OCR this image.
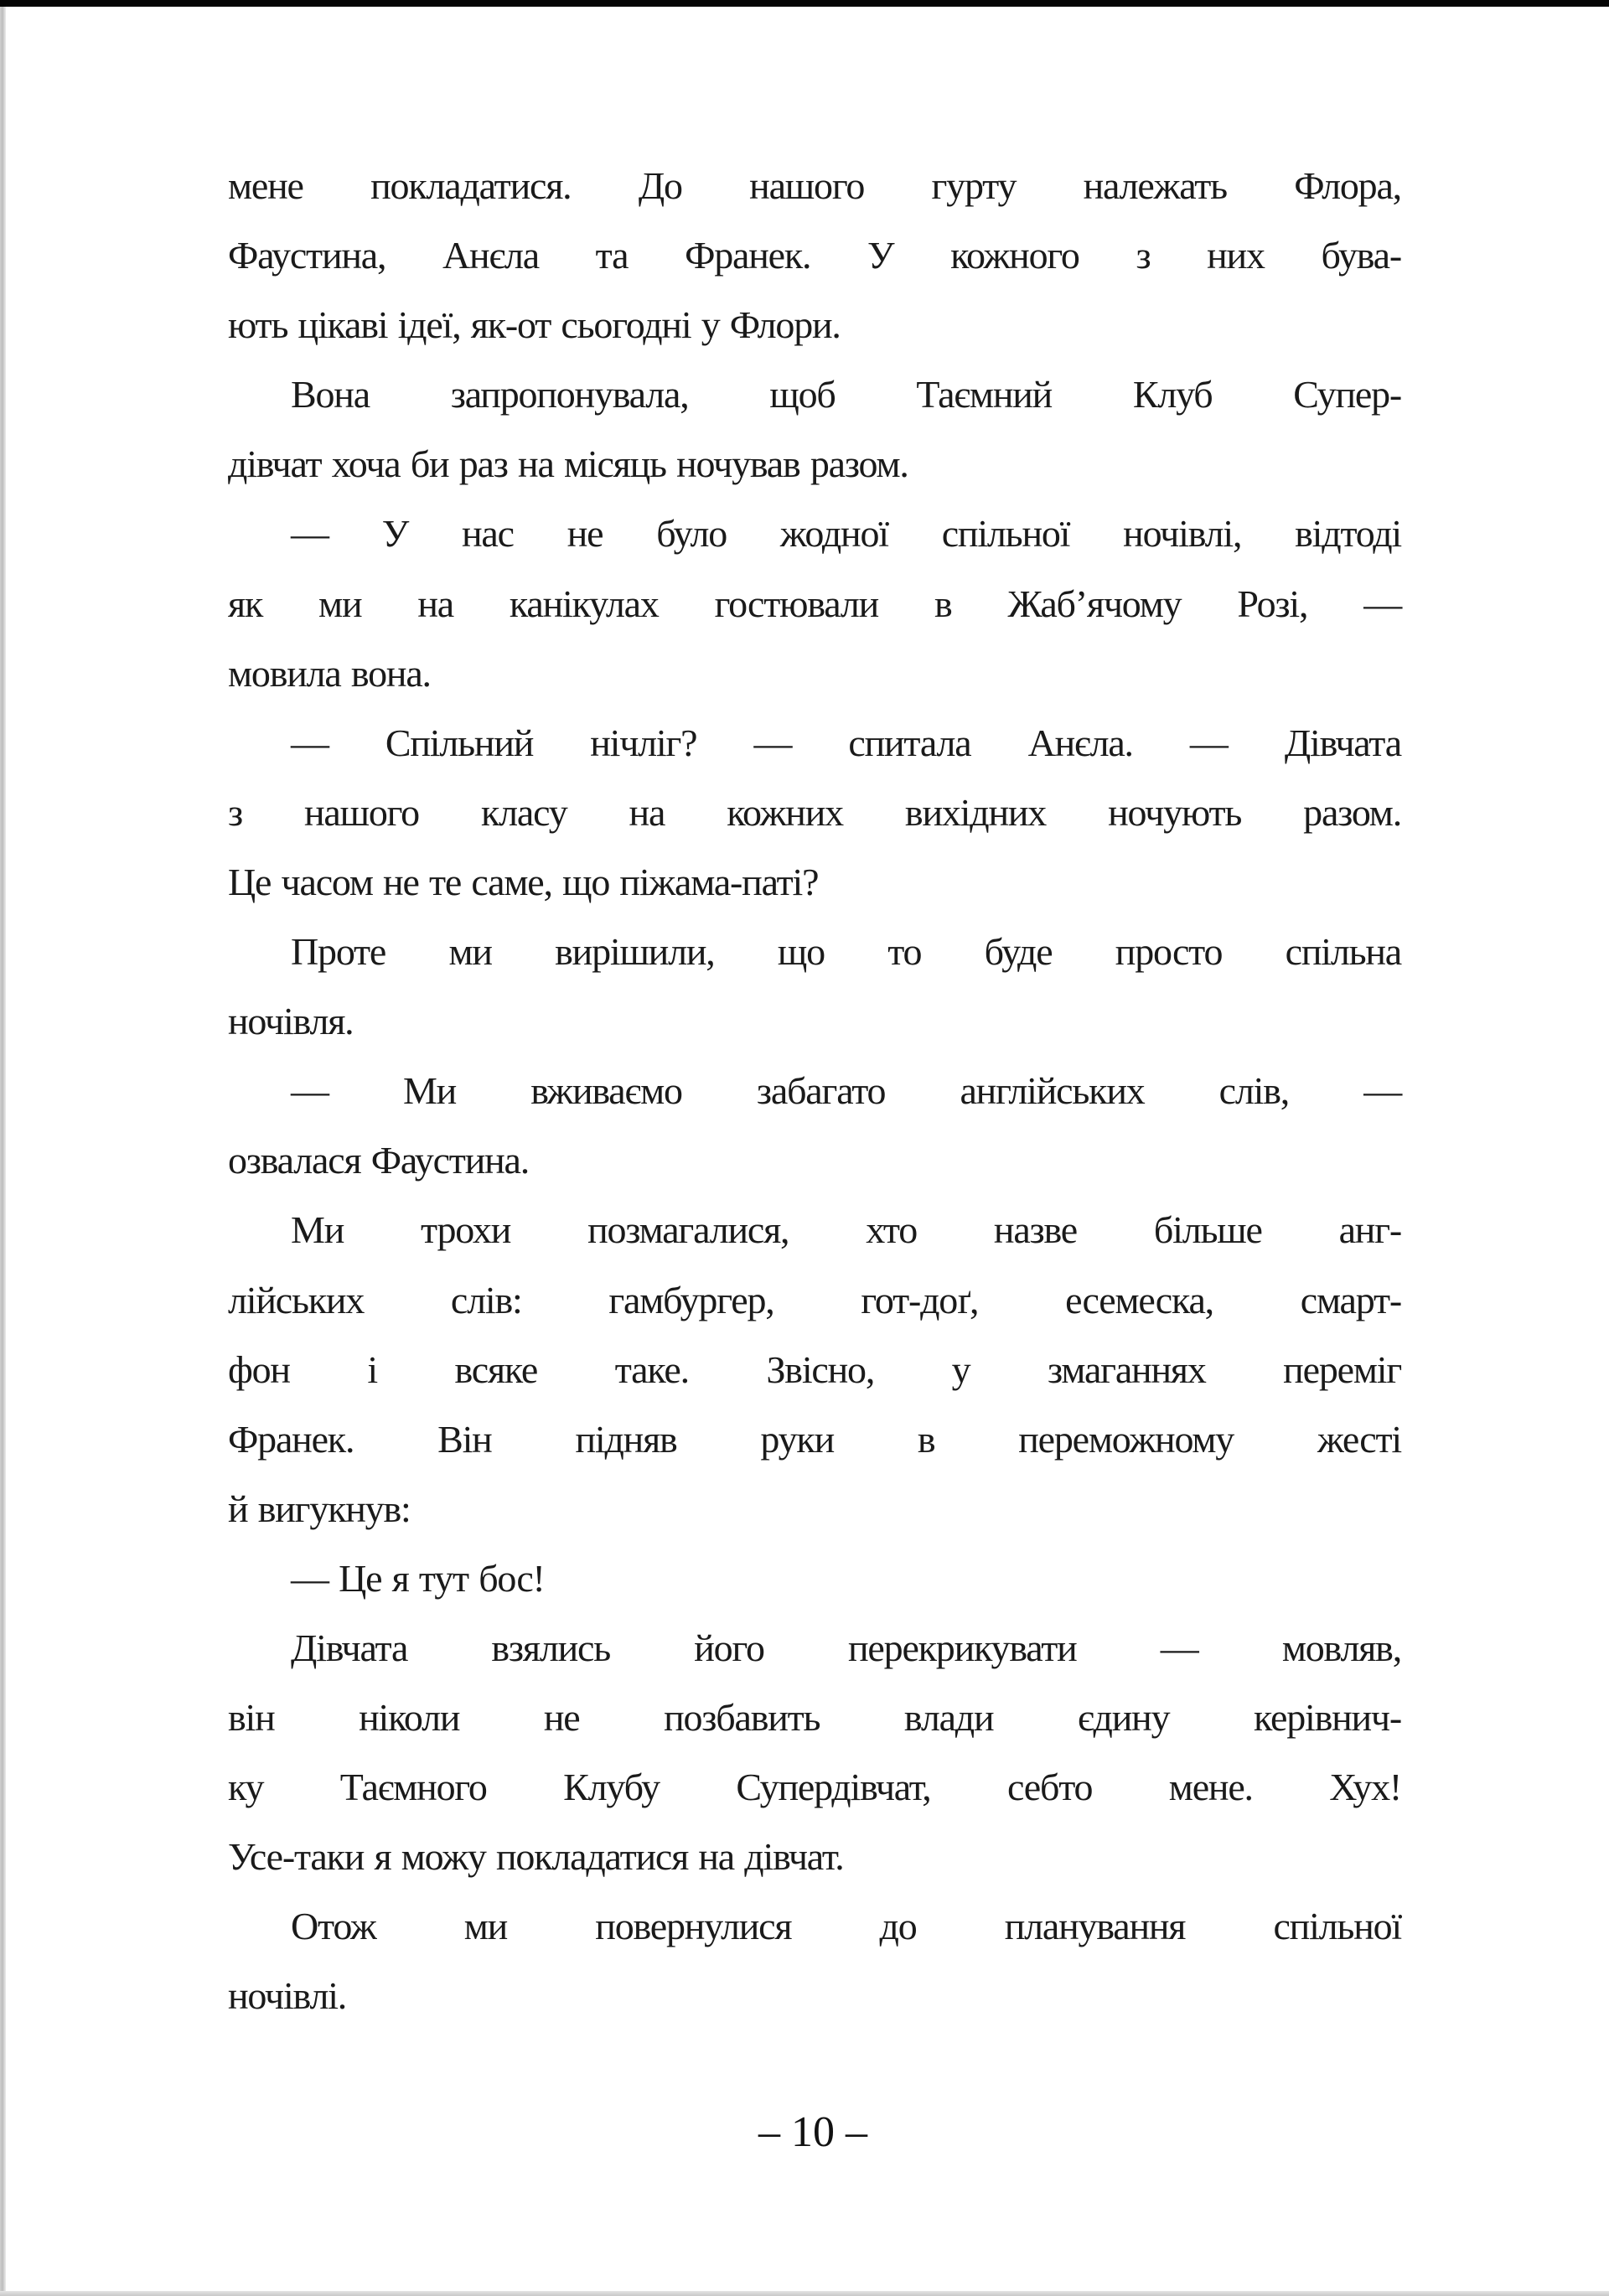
мене покладатися. До нашого гурту належать Флора,
Фаустина, Анєла та Франек. У кожного з них бува-
ють цікаві ідеї, як-от сьогодні у Флори.
Вона запропонувала, щоб Таємний Клуб Супер-
дівчат хоча би раз на місяць ночував разом.
— У нас не було жодної спільної ночівлі, відтоді
як ми на канікулах гостювали в Жаб’ячому Розі, —
мовила вона.
— Спільний нічліг? — спитала Анєла. — Дівчата
з нашого класу на кожних вихідних ночують разом.
Це часом не те саме, що піжама-паті?
Проте ми вирішили, що то буде просто спільна
ночівля.
— Ми вживаємо забагато англійських слів, —
озвалася Фаустина.
Ми трохи позмагалися, хто назве більше анг-
лійських слів: гамбургер, гот-доґ, есемеска, смарт-
фон і всяке таке. Звісно, у змаганнях переміг
Франек. Він підняв руки в переможному жесті
й вигукнув:
— Це я тут бос!
Дівчата взялись його перекрикувати — мовляв,
він ніколи не позбавить влади єдину керівнич-
ку Таємного Клубу Супердівчат, себто мене. Хух!
Усе-таки я можу покладатися на дівчат.
Отож ми повернулися до планування спільної
ночівлі.
– 10 –
